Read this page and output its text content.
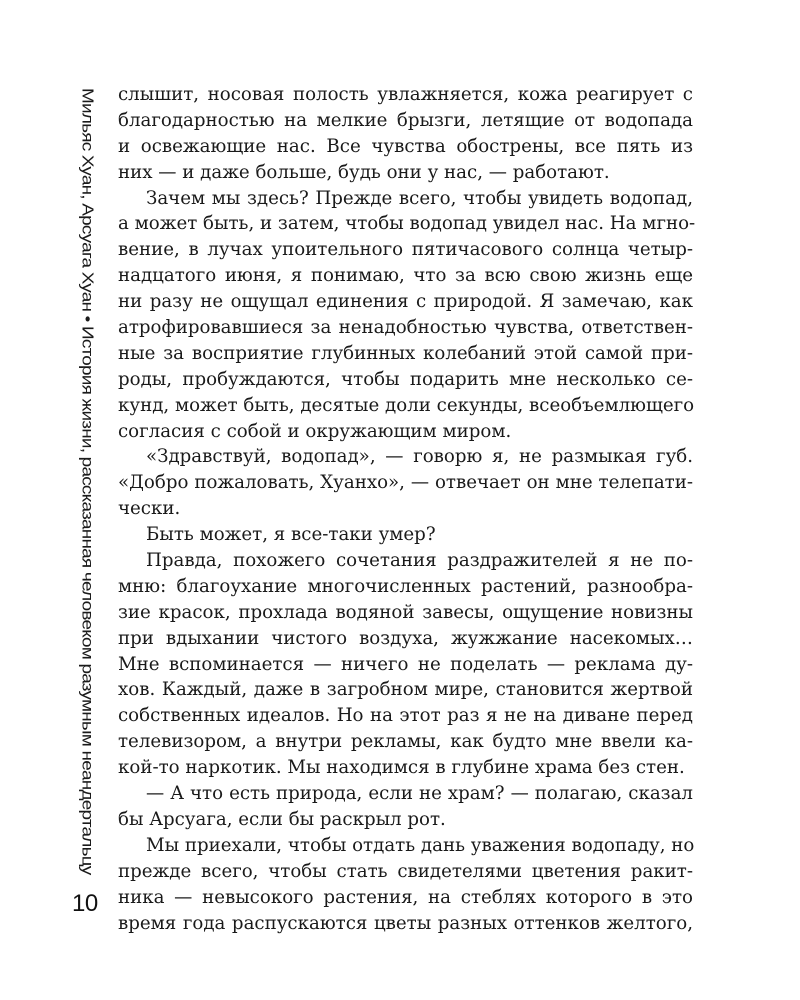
Мильяс Хуан, Арсуага Хуан • История жизни, рассказанная человеком разумным неандертальцу слышит, носовая полость увлажняется, кожа реагирует с
благодарностью на мелкие брызги, летящие от водопада
и освежающие нас. Все чувства обострены, все пять из
них — и даже больше, будь они у нас, — работают.
Зачем мы здесь? Прежде всего, чтобы увидеть водопад,
а может быть, и затем, чтобы водопад увидел нас. На мгно-
вение, в лучах упоительного пятичасового солнца четыр-
надцатого июня, я понимаю, что за всю свою жизнь еще
ни разу не ощущал единения с природой. Я замечаю, как
атрофировавшиеся за ненадобностью чувства, ответствен-
ные за восприятие глубинных колебаний этой самой при-
роды, пробуждаются, чтобы подарить мне несколько се-
кунд, может быть, десятые доли секунды, всеобъемлющего
согласия с собой и окружающим миром.
«Здравствуй, водопад», — говорю я, не размыкая губ.
«Добро пожаловать, Хуанхо», — отвечает он мне телепати-
чески.
Быть может, я все-таки умер?
Правда, похожего сочетания раздражителей я не по-
мню: благоухание многочисленных растений, разнообра-
зие красок, прохлада водяной завесы, ощущение новизны
при вдыхании чистого воздуха, жужжание насекомых…
Мне вспоминается — ничего не поделать — реклама ду-
хов. Каждый, даже в загробном мире, становится жертвой
собственных идеалов. Но на этот раз я не на диване перед
телевизором, а внутри рекламы, как будто мне ввели ка-
кой-то наркотик. Мы находимся в глубине храма без стен.
— А что есть природа, если не храм? — полагаю, сказал
бы Арсуага, если бы раскрыл рот.
Мы приехали, чтобы отдать дань уважения водопаду, но
прежде всего, чтобы стать свидетелями цветения ракит-
ника — невысокого растения, на стеблях которого в это
время года распускаются цветы разных оттенков желтого,
10
